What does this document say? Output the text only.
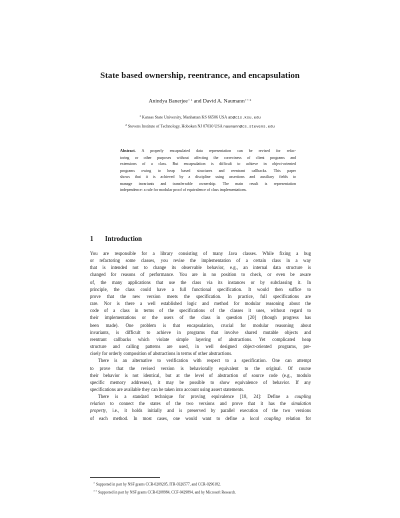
State based ownership, reentrance, and encapsulation
Anindya Banerjee$^{⋆ 1}$ and David A. Naumann$^{⋆⋆ 2}$
$^1$ Kansas State University, Manhattan KS 66506 USA ab@cis.ksu.edu
$^2$ Stevens Institute of Technology, Hoboken NJ 07030 USA naumann@cs.stevens.edu
Abstract. A properly encapsulated data representation can be revised for refac-
toring or other purposes without affecting the correctness of client programs and
extensions of a class. But encapsulation is difficult to achieve in object-oriented
programs owing to heap based structures and reentrant callbacks. This paper
shows that it is achieved by a discipline using assertions and auxiliary fields to
manage invariants and transferrable ownership. The main result is representation
independence: a rule for modular proof of equivalence of class implementations.
1 Introduction
You are responsible for a library consisting of many Java classes. While fixing a bug
or refactoring some classes, you revise the implementation of a certain class in a way
that is intended not to change its observable behavior, e.g., an internal data structure is
changed for reasons of performance. You are in no position to check, or even be aware
of, the many applications that use the class via its instances or by subclassing it. In
principle, the class could have a full functional specification. It would then suffice to
prove that the new version meets the specification. In practice, full specifications are
rare. Nor is there a well established logic and method for modular reasoning about the
code of a class in terms of the specifications of the classes it uses, without regard to
their implementations or the users of the class in question [20] (though progress has
been made). One problem is that encapsulation, crucial for modular reasoning about
invariants, is difficult to achieve in programs that involve shared mutable objects and
reentrant callbacks which violate simple layering of abstractions. Yet complicated heap
structure and calling patterns are used, in well designed object-oriented programs, pre-
cisely for orderly composition of abstractions in terms of other abstractions.
There is an alternative to verification with respect to a specification. One can attempt
to prove that the revised version is behaviorally equivalent to the original. Of course
their behavior is not identical, but at the level of abstraction of source code (e.g., modulo
specific memory addresses), it may be possible to show equivalence of behavior. If any
specifications are available they can be taken into account using assert statements.
There is a standard technique for proving equivalence [18, 24]: Define a coupling
relation to connect the states of the two versions and prove that it has the simulation
property, i.e., it holds initially and is preserved by parallel execution of the two versions
of each method. In most cases, one would want to define a local coupling relation for
⋆ Supported in part by NSF grants CCR-0209205, ITR-0326577, and CCR-0296182.
⋆⋆ Supported in part by NSF grants CCR-0208984, CCF-0429894, and by Microsoft Research.
